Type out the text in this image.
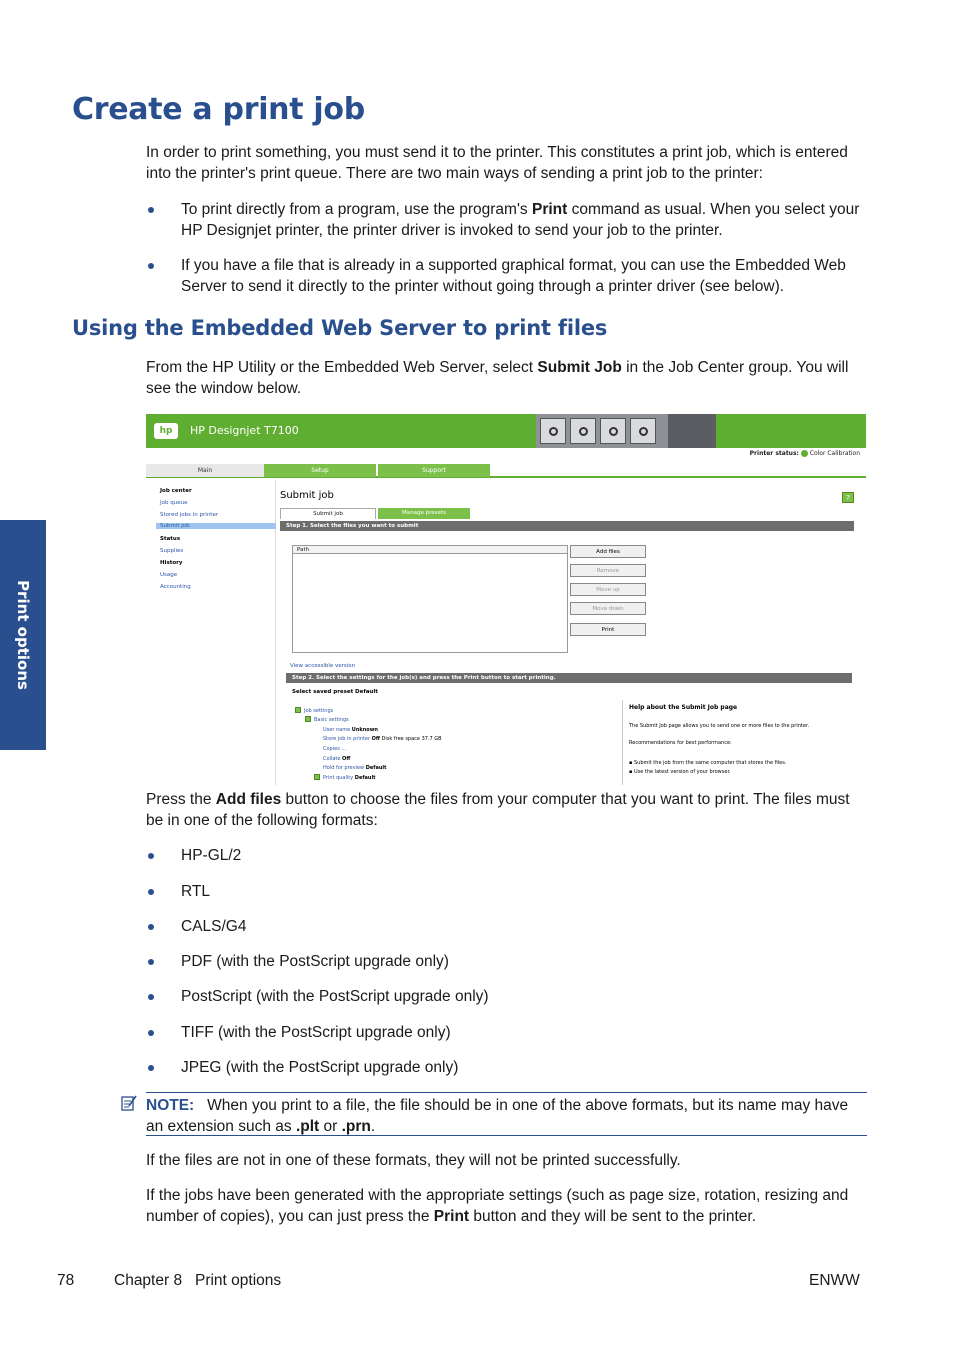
Print options
Create a print job

In order to print something, you must send it to the printer. This constitutes a print job, which is entered into the printer's print queue. There are two main ways of sending a print job to the printer:

To print directly from a program, use the program's Print command as usual. When you select your HP Designjet printer, the printer driver is invoked to send your job to the printer.
If you have a file that is already in a supported graphical format, you can use the Embedded Web Server to send it directly to the printer without going through a printer driver (see below).
Using the Embedded Web Server to print files

From the HP Utility or the Embedded Web Server, select Submit Job in the Job Center group. You will see the window below.

hp	HP Designjet T7100
Printer status: Color Calibration
Main	Setup	Support
Job center
Job queue
Stored jobs in printer
Submit job
Status
Supplies
History
Usage
Accounting
Submit job	?
Submit job	Manage presets
Step 1. Select the files you want to submit
Path	Add files
Remove
Move up
Move down
Print
View accessible version
Step 2. Select the settings for the job(s) and press the Print button to start printing.
Select saved preset Default
Job settings
Basic settings
User name Unknown
Store job in printer Off Disk free space 37.7 GB
Copies ...
Collate Off
Hold for preview Default
Print quality Default
Help about the Submit Job page
The Submit Job page allows you to send one or more files to the printer.
Recommendations for best performance:
▪ Submit the job from the same computer that stores the files.
▪ Use the latest version of your browser.

Press the Add files button to choose the files from your computer that you want to print. The files must be in one of the following formats:

HP-GL/2
RTL
CALS/G4
PDF (with the PostScript upgrade only)
PostScript (with the PostScript upgrade only)
TIFF (with the PostScript upgrade only)
JPEG (with the PostScript upgrade only)

NOTE: When you print to a file, the file should be in one of the above formats, but its name may have an extension such as .plt or .prn.

If the files are not in one of these formats, they will not be printed successfully.

If the jobs have been generated with the appropriate settings (such as page size, rotation, resizing and number of copies), you can just press the Print button and they will be sent to the printer.

78	Chapter 8   Print options	ENWW
